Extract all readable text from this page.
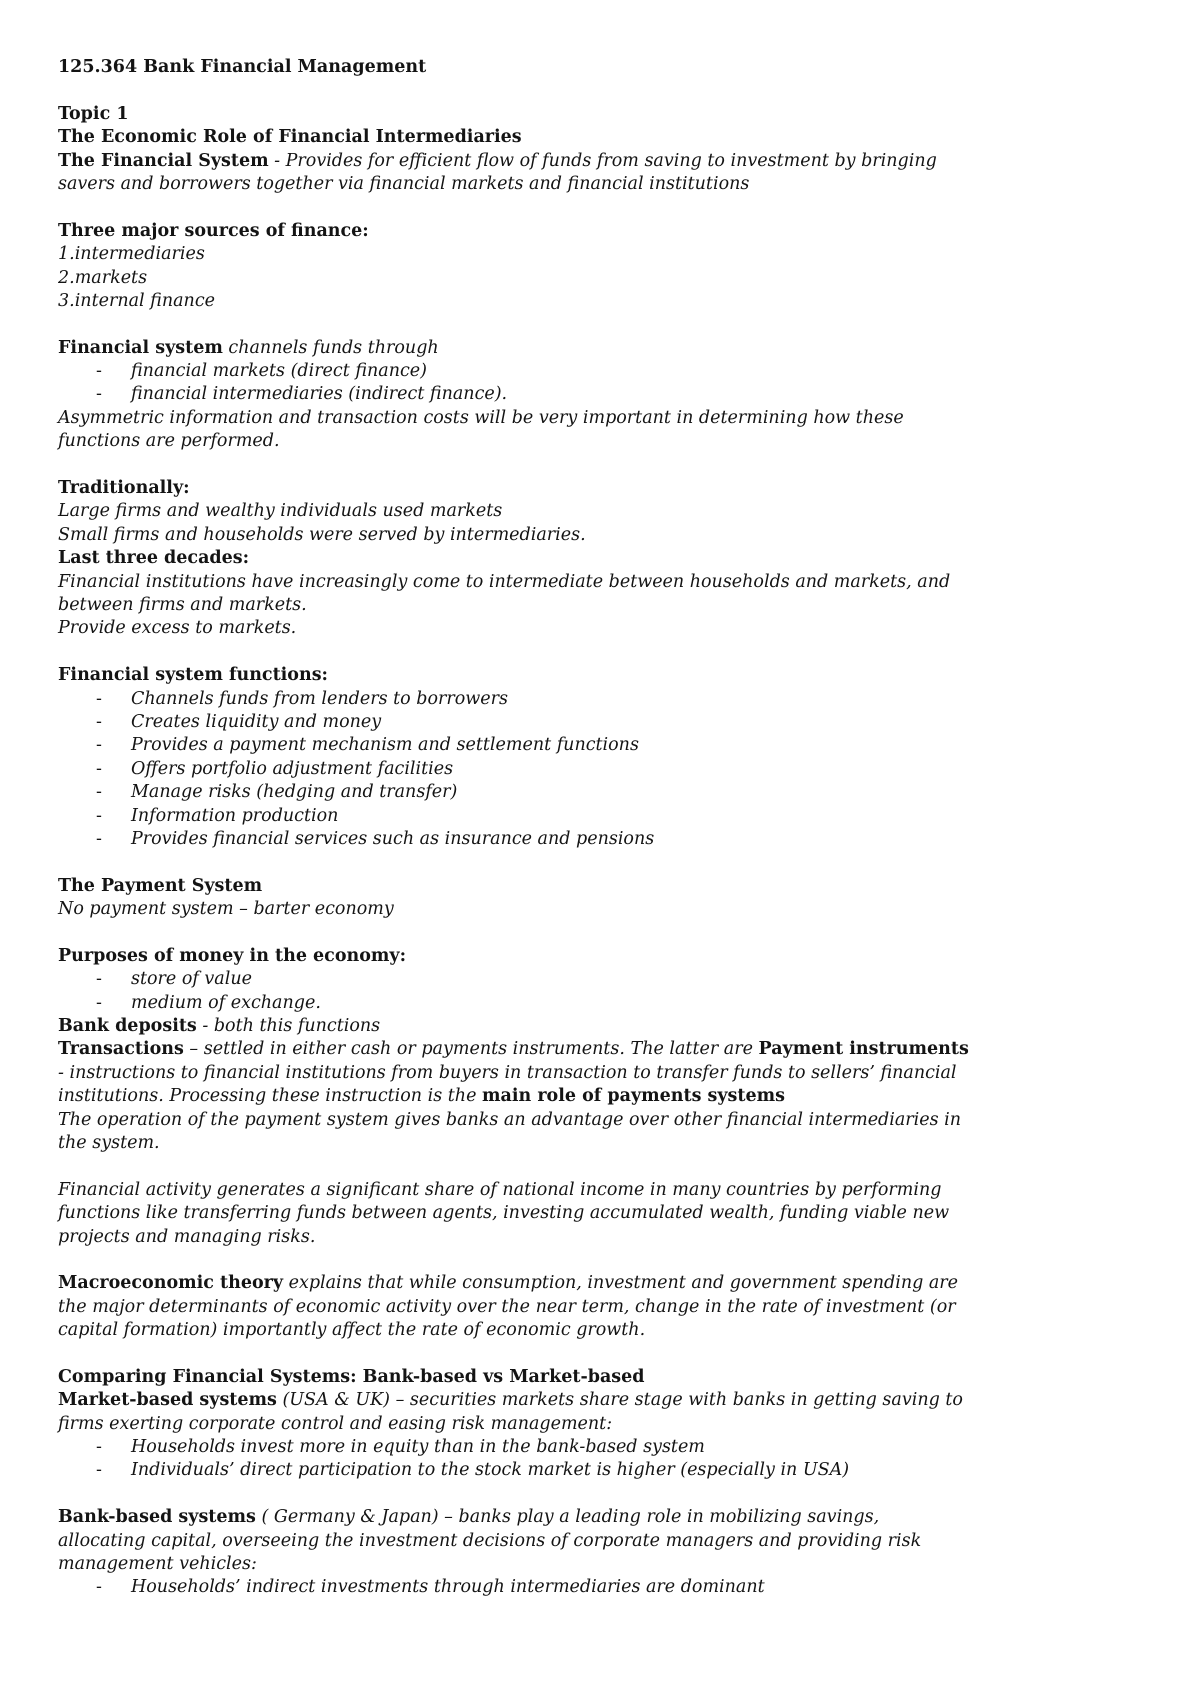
125.364 Bank Financial Management
Topic 1
The Economic Role of Financial Intermediaries
The Financial System - Provides for efficient flow of funds from saving to investment by bringing
savers and borrowers together via financial markets and financial institutions
Three major sources of finance:
1.intermediaries
2.markets
3.internal finance
Financial system channels funds through
- financial markets (direct finance)
- financial intermediaries (indirect finance).
Asymmetric information and transaction costs will be very important in determining how these
functions are performed.
Traditionally:
Large firms and wealthy individuals used markets
Small firms and households were served by intermediaries.
Last three decades:
Financial institutions have increasingly come to intermediate between households and markets, and
between firms and markets.
Provide excess to markets.
Financial system functions:
- Channels funds from lenders to borrowers
- Creates liquidity and money
- Provides a payment mechanism and settlement functions
- Offers portfolio adjustment facilities
- Manage risks (hedging and transfer)
- Information production
- Provides financial services such as insurance and pensions
The Payment System
No payment system – barter economy
Purposes of money in the economy:
- store of value
- medium of exchange.
Bank deposits - both this functions
Transactions – settled in either cash or payments instruments. The latter are Payment instruments
- instructions to financial institutions from buyers in transaction to transfer funds to sellers’ financial
institutions. Processing these instruction is the main role of payments systems
The operation of the payment system gives banks an advantage over other financial intermediaries in
the system.
Financial activity generates a significant share of national income in many countries by performing
functions like transferring funds between agents, investing accumulated wealth, funding viable new
projects and managing risks.
Macroeconomic theory explains that while consumption, investment and government spending are
the major determinants of economic activity over the near term, change in the rate of investment (or
capital formation) importantly affect the rate of economic growth.
Comparing Financial Systems: Bank-based vs Market-based
Market-based systems (USA & UK) – securities markets share stage with banks in getting saving to
firms exerting corporate control and easing risk management:
- Households invest more in equity than in the bank-based system
- Individuals’ direct participation to the stock market is higher (especially in USA)
Bank-based systems ( Germany & Japan) – banks play a leading role in mobilizing savings,
allocating capital, overseeing the investment decisions of corporate managers and providing risk
management vehicles:
- Households’ indirect investments through intermediaries are dominant
